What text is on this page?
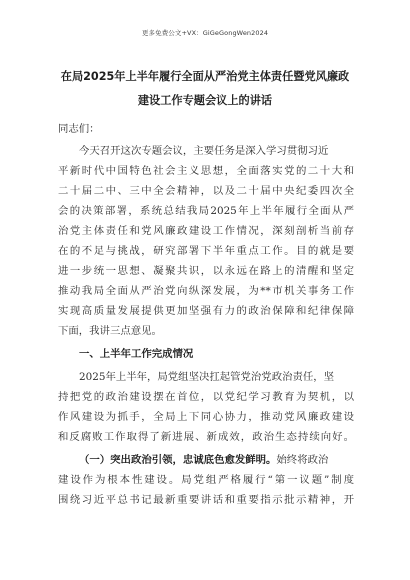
更多免费公文+VX：GiGeGongWen2024
在局2025年上半年履行全面从严治党主体责任暨党风廉政
建设工作专题会议上的讲话
同志们：
今天召开这次专题会议，主要任务是深入学习贯彻习近
平新时代中国特色社会主义思想，全面落实党的二十大和
二十届二中、三中全会精神，以及二十届中央纪委四次全
会的决策部署，系统总结我局2025年上半年履行全面从严
治党主体责任和党风廉政建设工作情况，深刻剖析当前存
在的不足与挑战，研究部署下半年重点工作。目的就是要
进一步统一思想、凝聚共识，以永远在路上的清醒和坚定
推动我局全面从严治党向纵深发展，为**市机关事务工作
实现高质量发展提供更加坚强有力的政治保障和纪律保障
下面，我讲三点意见。
一、上半年工作完成情况
2025年上半年，局党组坚决扛起管党治党政治责任，坚
持把党的政治建设摆在首位，以党纪学习教育为契机，以
作风建设为抓手，全局上下同心协力，推动党风廉政建设
和反腐败工作取得了新进展、新成效，政治生态持续向好。
（一）突出政治引领，忠诚底色愈发鲜明。始终将政治
建设作为根本性建设。局党组严格履行“第一议题”制度
围绕习近平总书记最新重要讲话和重要指示批示精神，开
